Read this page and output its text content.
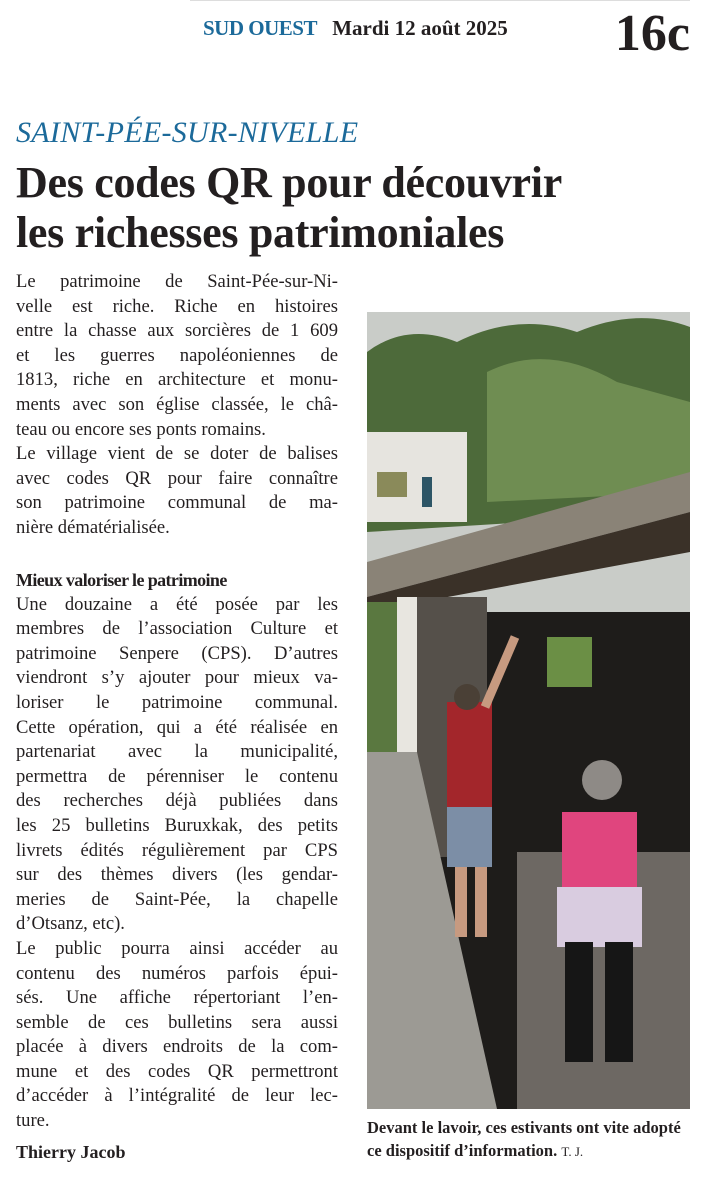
SUD OUEST Mardi 12 août 2025 16c
SAINT-PÉE-SUR-NIVELLE
Des codes QR pour découvrir
les richesses patrimoniales
Le patrimoine de Saint-Pée-sur-Ni-
velle est riche. Riche en histoires
entre la chasse aux sorcières de 1 609
et les guerres napoléoniennes de
1813, riche en architecture et monu-
ments avec son église classée, le châ-
teau ou encore ses ponts romains.
Le village vient de se doter de balises
avec codes QR pour faire connaître
son patrimoine communal de ma-
nière dématérialisée.
Mieux valoriser le patrimoine
Une douzaine a été posée par les
membres de l’association Culture et
patrimoine Senpere (CPS). D’autres
viendront s’y ajouter pour mieux va-
loriser le patrimoine communal.
Cette opération, qui a été réalisée en
partenariat avec la municipalité,
permettra de pérenniser le contenu
des recherches déjà publiées dans
les 25 bulletins Buruxkak, des petits
livrets édités régulièrement par CPS
sur des thèmes divers (les gendar-
meries de Saint-Pée, la chapelle
d’Otsanz, etc).
Le public pourra ainsi accéder au
contenu des numéros parfois épui-
sés. Une affiche répertoriant l’en-
semble de ces bulletins sera aussi
placée à divers endroits de la com-
mune et des codes QR permettront
d’accéder à l’intégralité de leur lec-
ture.
Thierry Jacob
Devant le lavoir, ces estivants ont vite adopté ce dispositif d’information. T. J.
